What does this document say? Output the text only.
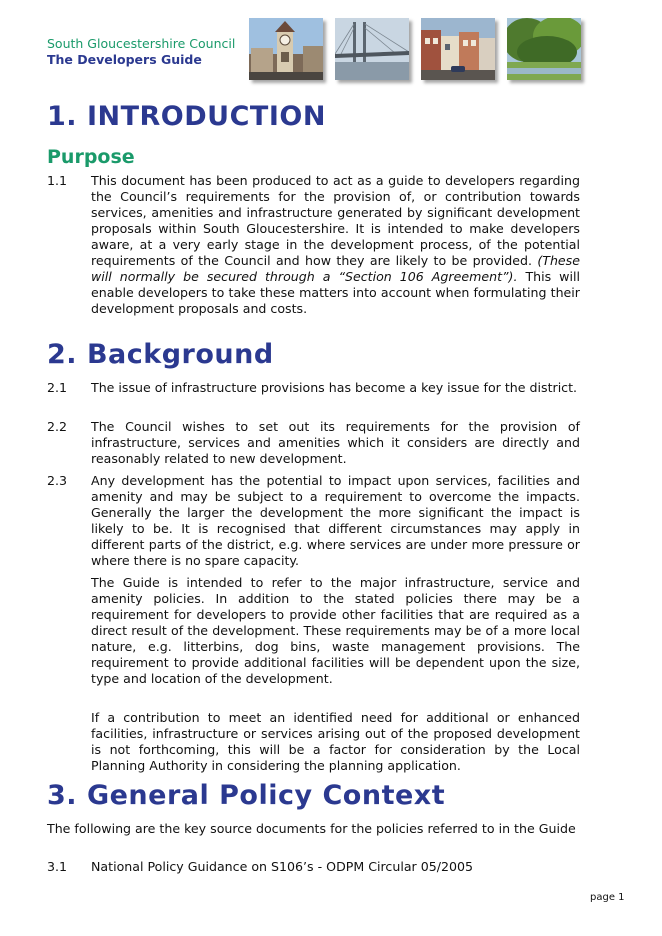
South Gloucestershire Council
The Developers Guide
1. INTRODUCTION
Purpose
1.1	This document has been produced to act as a guide to developers regarding the Council’s requirements for the provision of, or contribution towards services, amenities and infrastructure generated by significant development proposals within South Gloucestershire. It is intended to make developers aware, at a very early stage in the development process, of the potential requirements of the Council and how they are likely to be provided. (These will normally be secured through a “Section 106 Agreement”). This will enable developers to take these matters into account when formulating their development proposals and costs.
2. Background
2.1	The issue of infrastructure provisions has become a key issue for the district.
2.2	The Council wishes to set out its requirements for the provision of infrastructure, services and amenities which it considers are directly and reasonably related to new development.
2.3	Any development has the potential to impact upon services, facilities and amenity and may be subject to a requirement to overcome the impacts. Generally the larger the development the more significant the impact is likely to be. It is recognised that different circumstances may apply in different parts of the district, e.g. where services are under more pressure or where there is no spare capacity.
The Guide is intended to refer to the major infrastructure, service and amenity policies. In addition to the stated policies there may be a requirement for developers to provide other facilities that are required as a direct result of the development. These requirements may be of a more local nature, e.g. litterbins, dog bins, waste management provisions. The requirement to provide additional facilities will be dependent upon the size, type and location of the development.
If a contribution to meet an identified need for additional or enhanced facilities, infrastructure or services arising out of the proposed development is not forthcoming, this will be a factor for consideration by the Local Planning Authority in considering the planning application.
3. General Policy Context
The following are the key source documents for the policies referred to in the Guide
3.1	National Policy Guidance on S106’s - ODPM Circular 05/2005
page 1
